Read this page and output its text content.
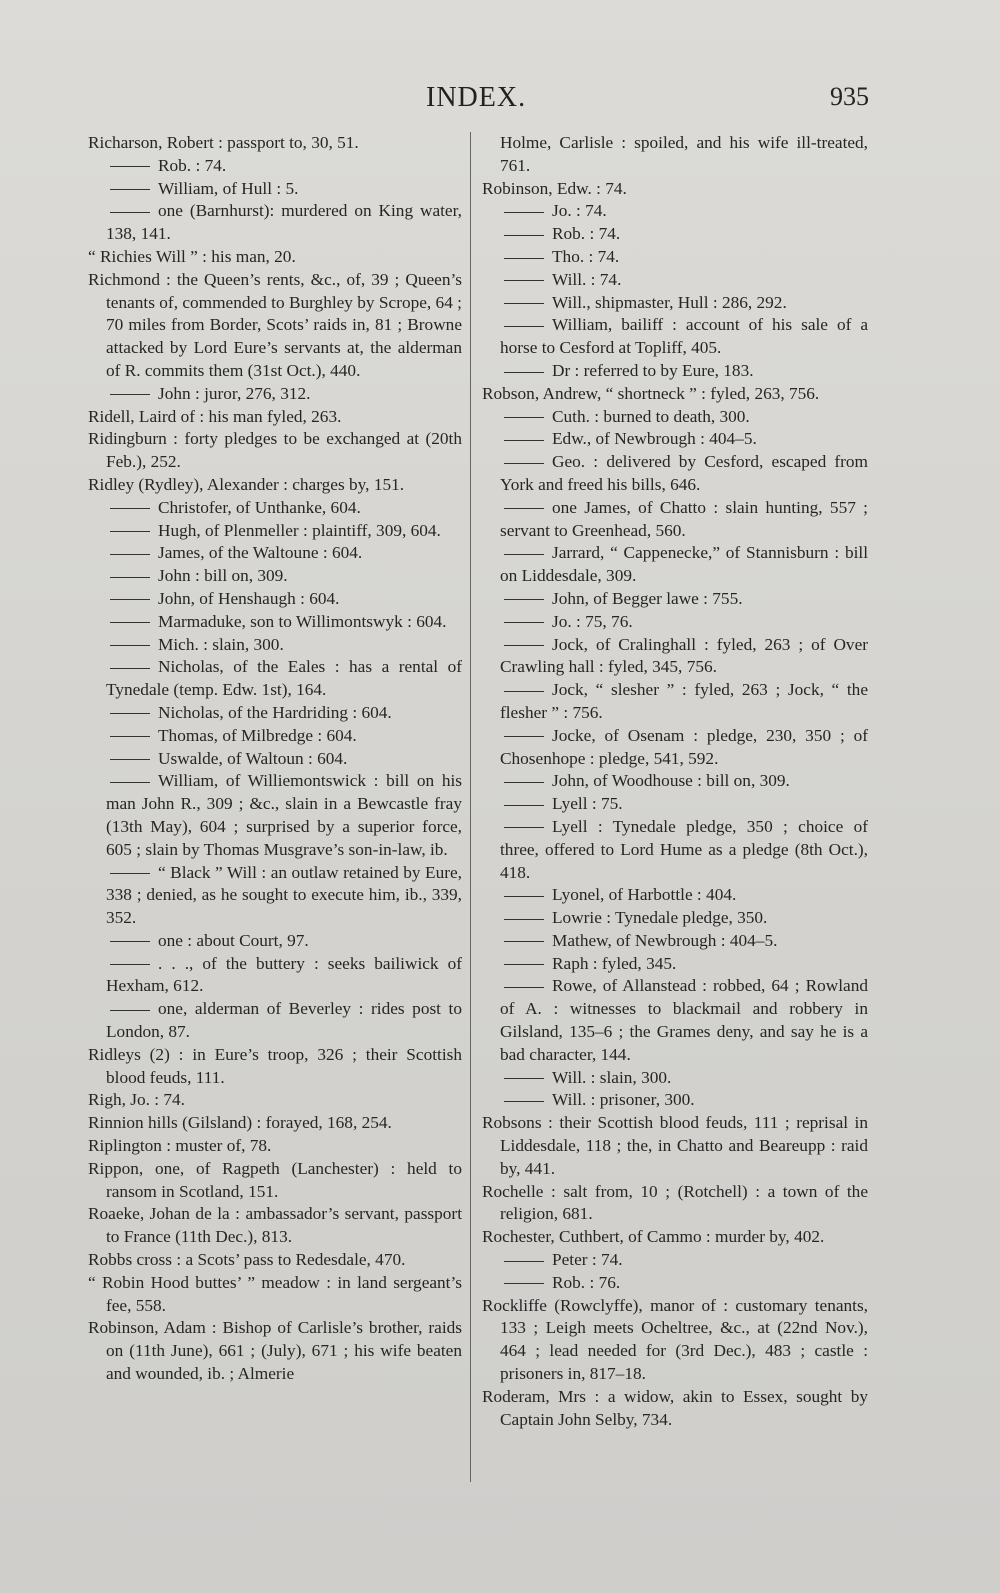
INDEX.	935

Richarson, Robert : passport to, 30, 51.

Rob. : 74.

William, of Hull : 5.

one (Barnhurst): murdered on King water, 138, 141.

“ Richies Will ” : his man, 20.

Richmond : the Queen’s rents, &c., of, 39 ; Queen’s tenants of, commended to Burghley by Scrope, 64 ; 70 miles from Border, Scots’ raids in, 81 ; Browne attacked by Lord Eure’s servants at, the alderman of R. commits them (31st Oct.), 440.

John : juror, 276, 312.

Ridell, Laird of : his man fyled, 263.

Ridingburn : forty pledges to be exchanged at (20th Feb.), 252.

Ridley (Rydley), Alexander : charges by, 151.

Christofer, of Unthanke, 604.

Hugh, of Plenmeller : plaintiff, 309, 604.

James, of the Waltoune : 604.

John : bill on, 309.

John, of Henshaugh : 604.

Marmaduke, son to Willimontswyk : 604.

Mich. : slain, 300.

Nicholas, of the Eales : has a rental of Tynedale (temp. Edw. 1st), 164.

Nicholas, of the Hardriding : 604.

Thomas, of Milbredge : 604.

Uswalde, of Waltoun : 604.

William, of Williemontswick : bill on his man John R., 309 ; &c., slain in a Bewcastle fray (13th May), 604 ; surprised by a superior force, 605 ; slain by Thomas Musgrave’s son-in-law, ib.

“ Black ” Will : an outlaw retained by Eure, 338 ; denied, as he sought to execute him, ib., 339, 352.

one : about Court, 97.

. . ., of the buttery : seeks bailiwick of Hexham, 612.

one, alderman of Beverley : rides post to London, 87.

Ridleys (2) : in Eure’s troop, 326 ; their Scottish blood feuds, 111.

Righ, Jo. : 74.

Rinnion hills (Gilsland) : forayed, 168, 254.

Riplington : muster of, 78.

Rippon, one, of Ragpeth (Lanchester) : held to ransom in Scotland, 151.

Roaeke, Johan de la : ambassador’s servant, passport to France (11th Dec.), 813.

Robbs cross : a Scots’ pass to Redesdale, 470.

“ Robin Hood buttes’ ” meadow : in land sergeant’s fee, 558.

Robinson, Adam : Bishop of Carlisle’s brother, raids on (11th June), 661 ; (July), 671 ; his wife beaten and wounded, ib. ; Almerie

Holme, Carlisle : spoiled, and his wife ill-treated, 761.

Robinson, Edw. : 74.

Jo. : 74.

Rob. : 74.

Tho. : 74.

Will. : 74.

Will., shipmaster, Hull : 286, 292.

William, bailiff : account of his sale of a horse to Cesford at Topliff, 405.

Dr : referred to by Eure, 183.

Robson, Andrew, “ shortneck ” : fyled, 263, 756.

Cuth. : burned to death, 300.

Edw., of Newbrough : 404–5.

Geo. : delivered by Cesford, escaped from York and freed his bills, 646.

one James, of Chatto : slain hunting, 557 ; servant to Greenhead, 560.

Jarrard, “ Cappenecke,” of Stannisburn : bill on Liddesdale, 309.

John, of Begger lawe : 755.

Jo. : 75, 76.

Jock, of Cralinghall : fyled, 263 ; of Over Crawling hall : fyled, 345, 756.

Jock, “ slesher ” : fyled, 263 ; Jock, “ the flesher ” : 756.

Jocke, of Osenam : pledge, 230, 350 ; of Chosenhope : pledge, 541, 592.

John, of Woodhouse : bill on, 309.

Lyell : 75.

Lyell : Tynedale pledge, 350 ; choice of three, offered to Lord Hume as a pledge (8th Oct.), 418.

Lyonel, of Harbottle : 404.

Lowrie : Tynedale pledge, 350.

Mathew, of Newbrough : 404–5.

Raph : fyled, 345.

Rowe, of Allanstead : robbed, 64 ; Rowland of A. : witnesses to blackmail and robbery in Gilsland, 135–6 ; the Grames deny, and say he is a bad character, 144.

Will. : slain, 300.

Will. : prisoner, 300.

Robsons : their Scottish blood feuds, 111 ; reprisal in Liddesdale, 118 ; the, in Chatto and Beareupp : raid by, 441.

Rochelle : salt from, 10 ; (Rotchell) : a town of the religion, 681.

Rochester, Cuthbert, of Cammo : murder by, 402.

Peter : 74.

Rob. : 76.

Rockliffe (Rowclyffe), manor of : customary tenants, 133 ; Leigh meets Ocheltree, &c., at (22nd Nov.), 464 ; lead needed for (3rd Dec.), 483 ; castle : prisoners in, 817–18.

Roderam, Mrs : a widow, akin to Essex, sought by Captain John Selby, 734.
